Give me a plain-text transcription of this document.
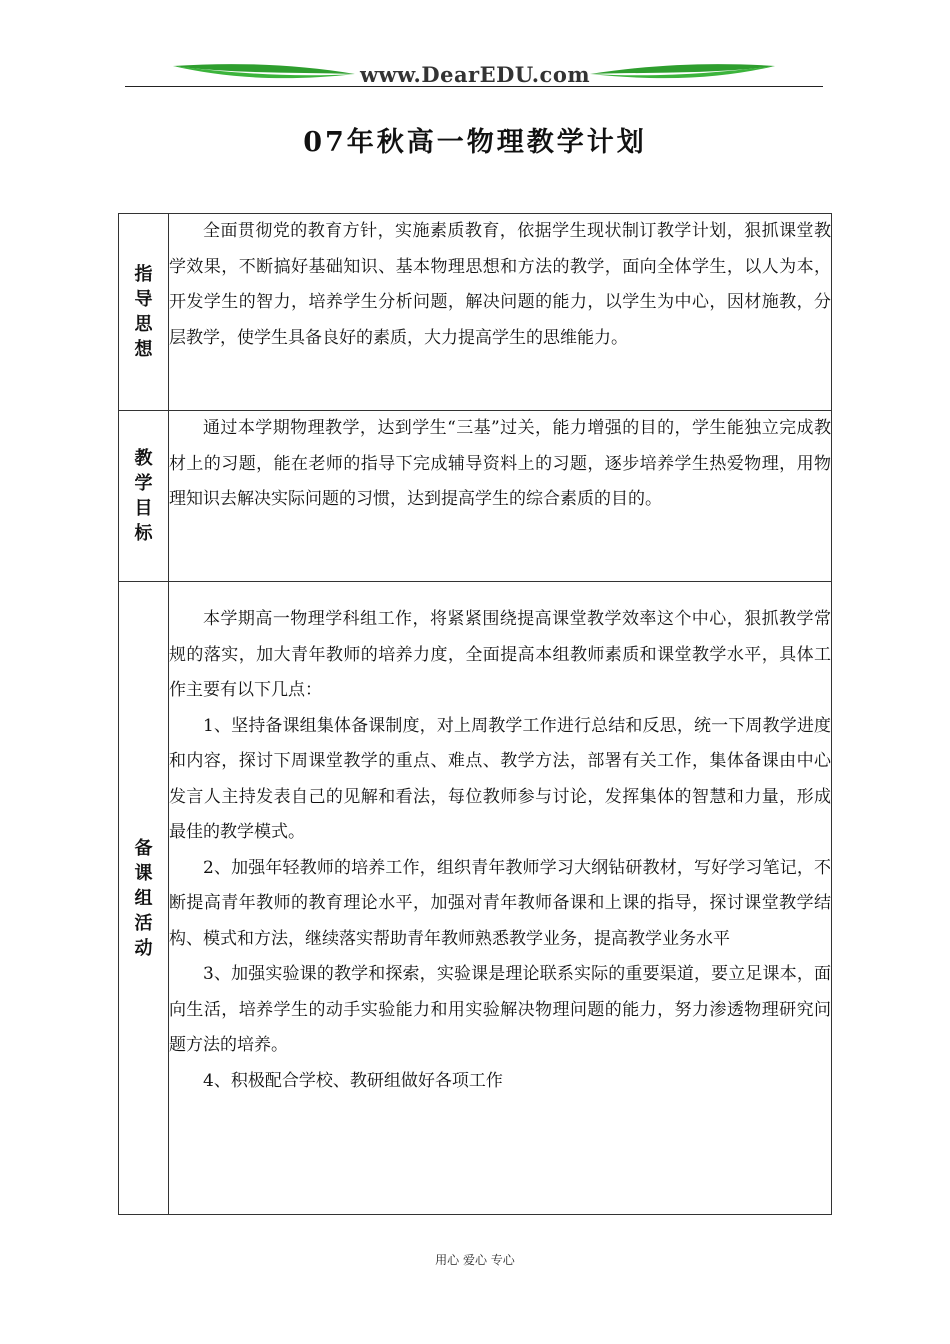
www.DearEDU.com
07年秋高一物理教学计划
指导思想	全面贯彻党的教育方针，实施素质教育，依据学生现状制订教学计划，狠抓课堂教学效果，不断搞好基础知识、基本物理思想和方法的教学，面向全体学生，以人为本，开发学生的智力，培养学生分析问题，解决问题的能力，以学生为中心，因材施教，分层教学，使学生具备良好的素质，大力提高学生的思维能力。

教学目标	通过本学期物理教学，达到学生“三基”过关，能力增强的目的，学生能独立完成教材上的习题，能在老师的指导下完成辅导资料上的习题，逐步培养学生热爱物理，用物理知识去解决实际问题的习惯，达到提高学生的综合素质的目的。

备课组活动	本学期高一物理学科组工作，将紧紧围绕提高课堂教学效率这个中心，狠抓教学常规的落实，加大青年教师的培养力度，全面提高本组教师素质和课堂教学水平，具体工作主要有以下几点：

1、坚持备课组集体备课制度，对上周教学工作进行总结和反思，统一下周教学进度和内容，探讨下周课堂教学的重点、难点、教学方法，部署有关工作，集体备课由中心发言人主持发表自己的见解和看法，每位教师参与讨论，发挥集体的智慧和力量，形成最佳的教学模式。

2、加强年轻教师的培养工作，组织青年教师学习大纲钻研教材，写好学习笔记，不断提高青年教师的教育理论水平，加强对青年教师备课和上课的指导，探讨课堂教学结构、模式和方法，继续落实帮助青年教师熟悉教学业务，提高教学业务水平

3、加强实验课的教学和探索，实验课是理论联系实际的重要渠道，要立足课本，面向生活，培养学生的动手实验能力和用实验解决物理问题的能力，努力渗透物理研究问题方法的培养。

4、积极配合学校、教研组做好各项工作

用心 爱心 专心
